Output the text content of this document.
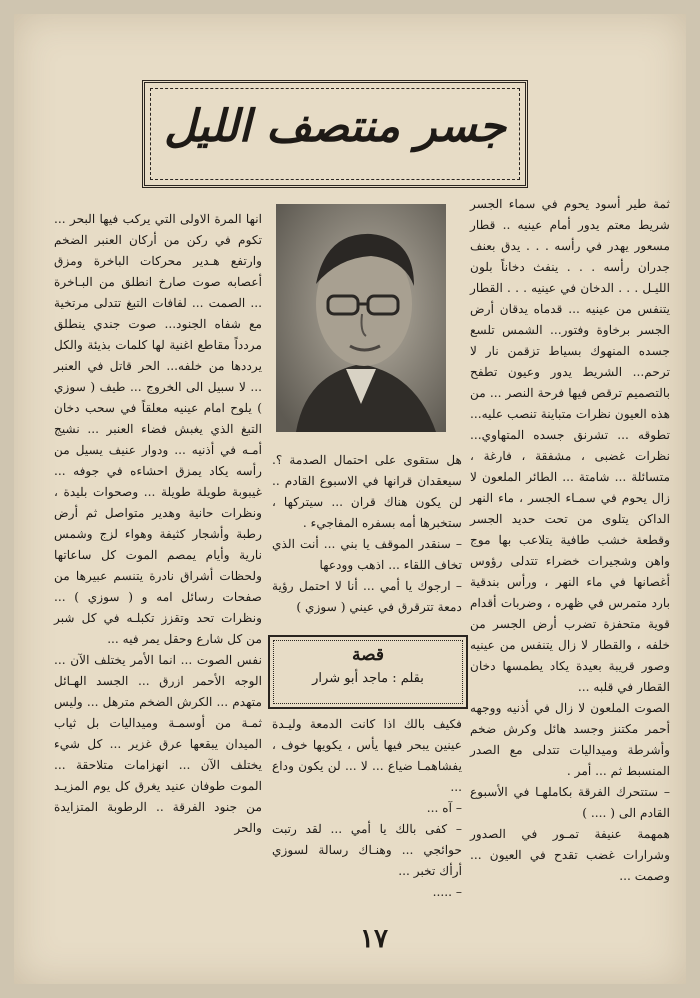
جسر منتصف الليل

ثمة طير أسود يحوم في سماء الجسر شريط معتم يدور أمام عينيه .. قطار مسعور يهدر في رأسه . . . يدق بعنف جدران رأسه . . . ينفث دخاناً بلون الليـل . . . الدخان في عينيه . . . القطار يتنفس من عينيه ... قدماه يدقان أرض الجسر برخاوة وفتور... الشمس تلسع جسده المنهوك بسياط تزقمن نار لا ترحم... الشريط يدور وعيون تطفح بالتصميم ترقص فيها فرحة النصر ... من هذه العيون نظرات متباينة تنصب عليه... تطوقه ... تشرنق جسده المتهاوي... نظرات غضبى ، مشفقة ، فارغة ، متسائلة ... شامتة ... الطائر الملعون لا زال يحوم في سمـاء الجسر ، ماء النهر الداكن يتلوى من تحت حديد الجسر وقطعة خشب طافية يتلاعب بها موج واهن وشجيرات خضراء تتدلى رؤوس أغصانها في ماء النهر ، ورأس بندقية بارد متمرس في ظهره ، وضربات أقدام قوية متحفزة تضرب أرض الجسر من خلفه ، والقطار لا زال يتنفس من عينيه وصور قريبة بعيدة يكاد يطمسها دخان القطار في قلبه ...
الصوت الملعون لا زال في أذنيه ووجهه أحمر مكتنز وجسد هائل وكرش ضخم وأشرطة وميداليات تتدلى مع الصدر المنسبط ثم ... أمر .
– ستتحرك الفرقة بكاملهـا في الأسبوع القادم الى ( .... )
همهمة عنيفة تمـور في الصدور وشرارات غضب تقدح في العيون ... وصمت ...

هل ستقوى على احتمال الصدمة ؟. سيعقدان قرانها في الاسبوع القادم .. لن يكون هناك قران ... سيتركها ، ستخبرها أمه بسفره المفاجيء .
– سنقدر الموقف يا بني ... أنت الذي تخاف اللقاء ... اذهب وودعها
– ارجوك يا أمي ... أنا لا احتمل رؤية دمعة تترقرق في عيني ( سوزي )

قصة
بقلم : ماجد أبو شرار

فكيف بالك اذا كانت الدمعة وليـدة عينين يبحر فيها يأس ، يكويها خوف ، يفشاهمـا ضياع ... لا ... لن يكون وداع ...
– آه ...
– كفى بالك يا أمي ... لقد رتبت حوائجي ... وهنـاك رسالة لسوزي أرأك تخبر ...
– .....

انها المرة الاولى التي يركب فيها البحر ... تكوم في ركن من أركان العنبر الضخم وارتفع هـدير محركات الباخرة ومزق أعصابه صوت صارخ انطلق من البـاخرة ... الصمت ... لفافات التبغ تتدلى مرتخية مع شفاه الجنود... صوت جندي ينطلق مردداً مقاطع اغنية لها كلمات بذيئة والكل يرددها من خلفه... الحر قاتل في العنبر ... لا سبيل الى الخروج ... طيف ( سوزي ) يلوح امام عينيه معلقاً في سحب دخان التبغ الذي يغبش فضاء العنبر ... نشيج أمـه في أذنيه ... ودوار عنيف يسيل من رأسه يكاد يمزق احشاءه في جوفه ... غيبوبة طويلة طويلة ... وصحوات بليدة ، ونظرات حانية وهدير متواصل ثم أرض رطبة وأشجار كثيفة وهواء لزج وشمس نارية وأيام يمصم الموت كل ساعاتها ولحظات أشراق نادرة يتنسم عبيرها من صفحات رسائل امه و ( سوزي ) ... ونظرات تحد وتقزز تكبلـه في كل شبر من كل شارع وحقل يمر فيه ...
نفس الصوت ... انما الأمر يختلف الآن ... الوجه الأحمر ازرق ... الجسد الهـائل متهدم ... الكرش الضخم مترهل ... وليس ثمـة من أوسمـة وميداليات بل ثياب الميدان يبقعها عرق غزير ... كل شيء يختلف الآن ... انهزامات متلاحقة ... الموت طوفان عنيد يغرق كل يوم المزيـد من جنود الفرقة .. الرطوبة المتزايدة والحر

١٧
